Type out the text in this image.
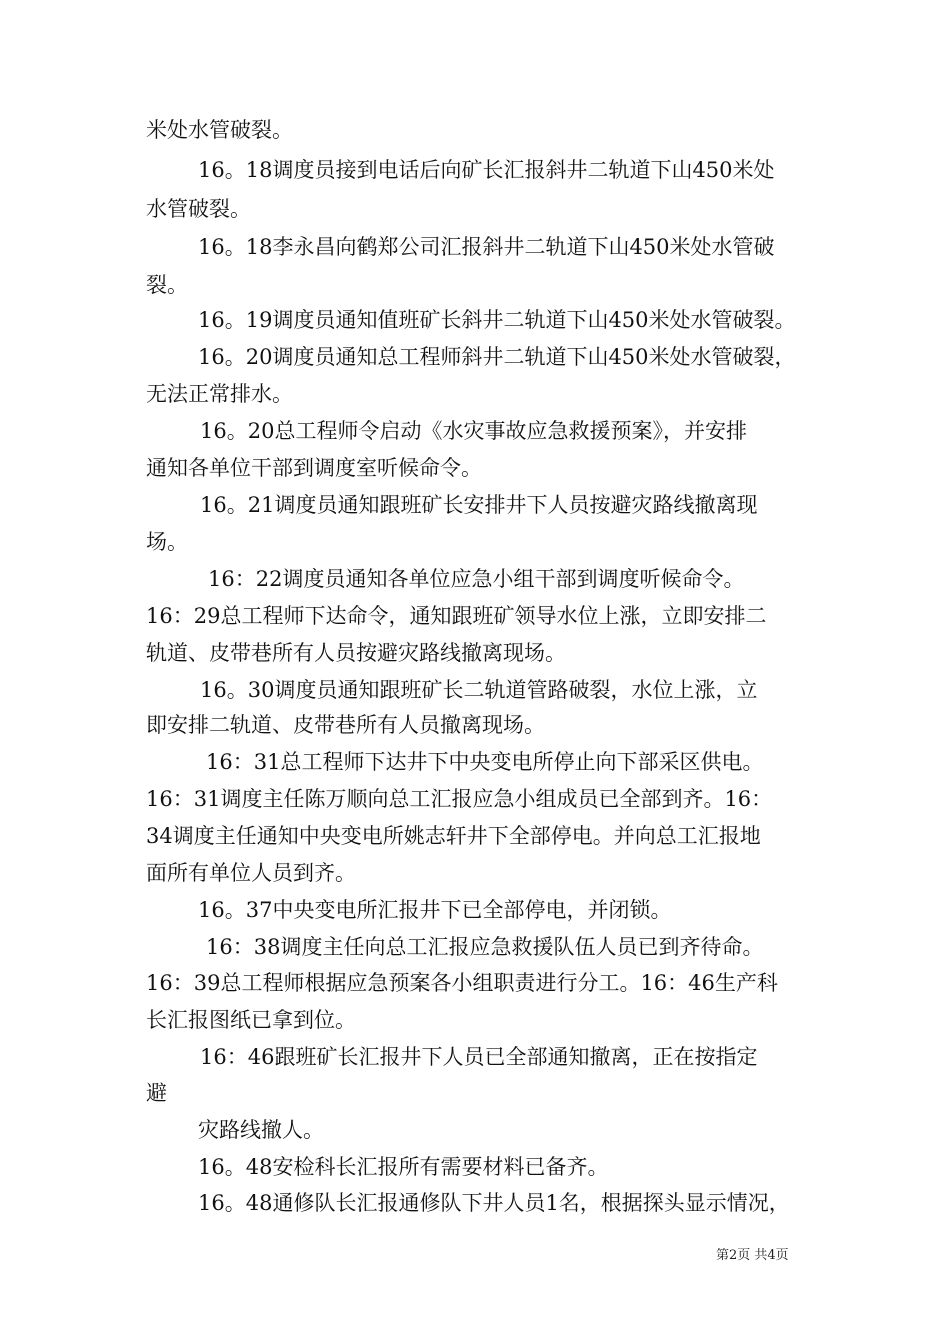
米处水管破裂。
16。18调度员接到电话后向矿长汇报斜井二轨道下山450米处
水管破裂。
16。18李永昌向鹤郑公司汇报斜井二轨道下山450米处水管破
裂。
16。19调度员通知值班矿长斜井二轨道下山450米处水管破裂。
16。20调度员通知总工程师斜井二轨道下山450米处水管破裂，
无法正常排水。
16。20总工程师令启动《水灾事故应急救援预案》，并安排
通知各单位干部到调度室听候命令。
16。21调度员通知跟班矿长安排井下人员按避灾路线撤离现
场。
16：22调度员通知各单位应急小组干部到调度听候命令。
16：29总工程师下达命令，通知跟班矿领导水位上涨，立即安排二
轨道、皮带巷所有人员按避灾路线撤离现场。
16。30调度员通知跟班矿长二轨道管路破裂，水位上涨，立
即安排二轨道、皮带巷所有人员撤离现场。
16：31总工程师下达井下中央变电所停止向下部采区供电。
16：31调度主任陈万顺向总工汇报应急小组成员已全部到齐。16：
34调度主任通知中央变电所姚志轩井下全部停电。并向总工汇报地
面所有单位人员到齐。
16。37中央变电所汇报井下已全部停电，并闭锁。
16：38调度主任向总工汇报应急救援队伍人员已到齐待命。
16：39总工程师根据应急预案各小组职责进行分工。16：46生产科
长汇报图纸已拿到位。
16：46跟班矿长汇报井下人员已全部通知撤离，正在按指定
避
灾路线撤人。
16。48安检科长汇报所有需要材料已备齐。
16。48通修队长汇报通修队下井人员1名，根据探头显示情况，
第2页 共4页
